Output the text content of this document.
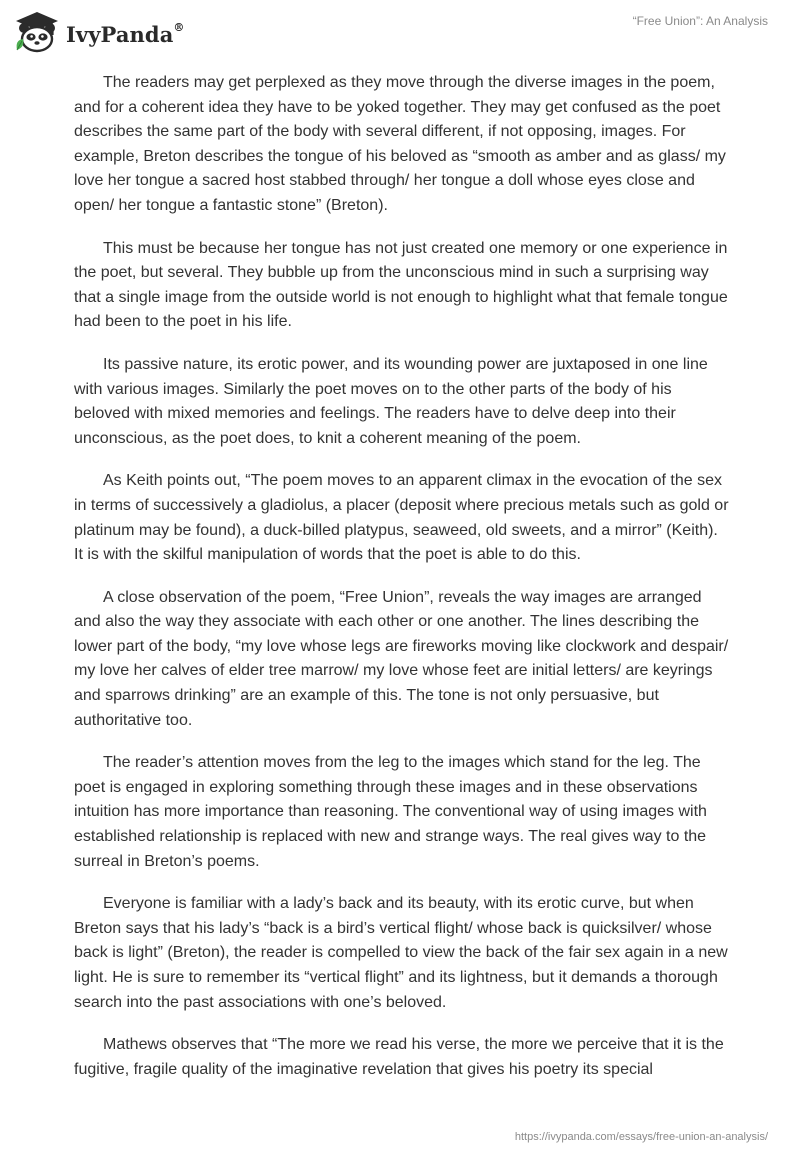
IvyPanda®	“Free Union”: An Analysis

The readers may get perplexed as they move through the diverse images in the poem, and for a coherent idea they have to be yoked together. They may get confused as the poet describes the same part of the body with several different, if not opposing, images. For example, Breton describes the tongue of his beloved as “smooth as amber and as glass/ my love her tongue a sacred host stabbed through/ her tongue a doll whose eyes close and open/ her tongue a fantastic stone” (Breton).

This must be because her tongue has not just created one memory or one experience in the poet, but several. They bubble up from the unconscious mind in such a surprising way that a single image from the outside world is not enough to highlight what that female tongue had been to the poet in his life.

Its passive nature, its erotic power, and its wounding power are juxtaposed in one line with various images. Similarly the poet moves on to the other parts of the body of his beloved with mixed memories and feelings. The readers have to delve deep into their unconscious, as the poet does, to knit a coherent meaning of the poem.

As Keith points out, “The poem moves to an apparent climax in the evocation of the sex in terms of successively a gladiolus, a placer (deposit where precious metals such as gold or platinum may be found), a duck-billed platypus, seaweed, old sweets, and a mirror” (Keith). It is with the skilful manipulation of words that the poet is able to do this.

A close observation of the poem, “Free Union”, reveals the way images are arranged and also the way they associate with each other or one another. The lines describing the lower part of the body, “my love whose legs are fireworks moving like clockwork and despair/ my love her calves of elder tree marrow/ my love whose feet are initial letters/ are keyrings and sparrows drinking” are an example of this. The tone is not only persuasive, but authoritative too.

The reader’s attention moves from the leg to the images which stand for the leg. The poet is engaged in exploring something through these images and in these observations intuition has more importance than reasoning. The conventional way of using images with established relationship is replaced with new and strange ways. The real gives way to the surreal in Breton’s poems.

Everyone is familiar with a lady’s back and its beauty, with its erotic curve, but when Breton says that his lady’s “back is a bird’s vertical flight/ whose back is quicksilver/ whose back is light” (Breton), the reader is compelled to view the back of the fair sex again in a new light. He is sure to remember its “vertical flight” and its lightness, but it demands a thorough search into the past associations with one’s beloved.

Mathews observes that “The more we read his verse, the more we perceive that it is the fugitive, fragile quality of the imaginative revelation that gives his poetry its special

https://ivypanda.com/essays/free-union-an-analysis/
